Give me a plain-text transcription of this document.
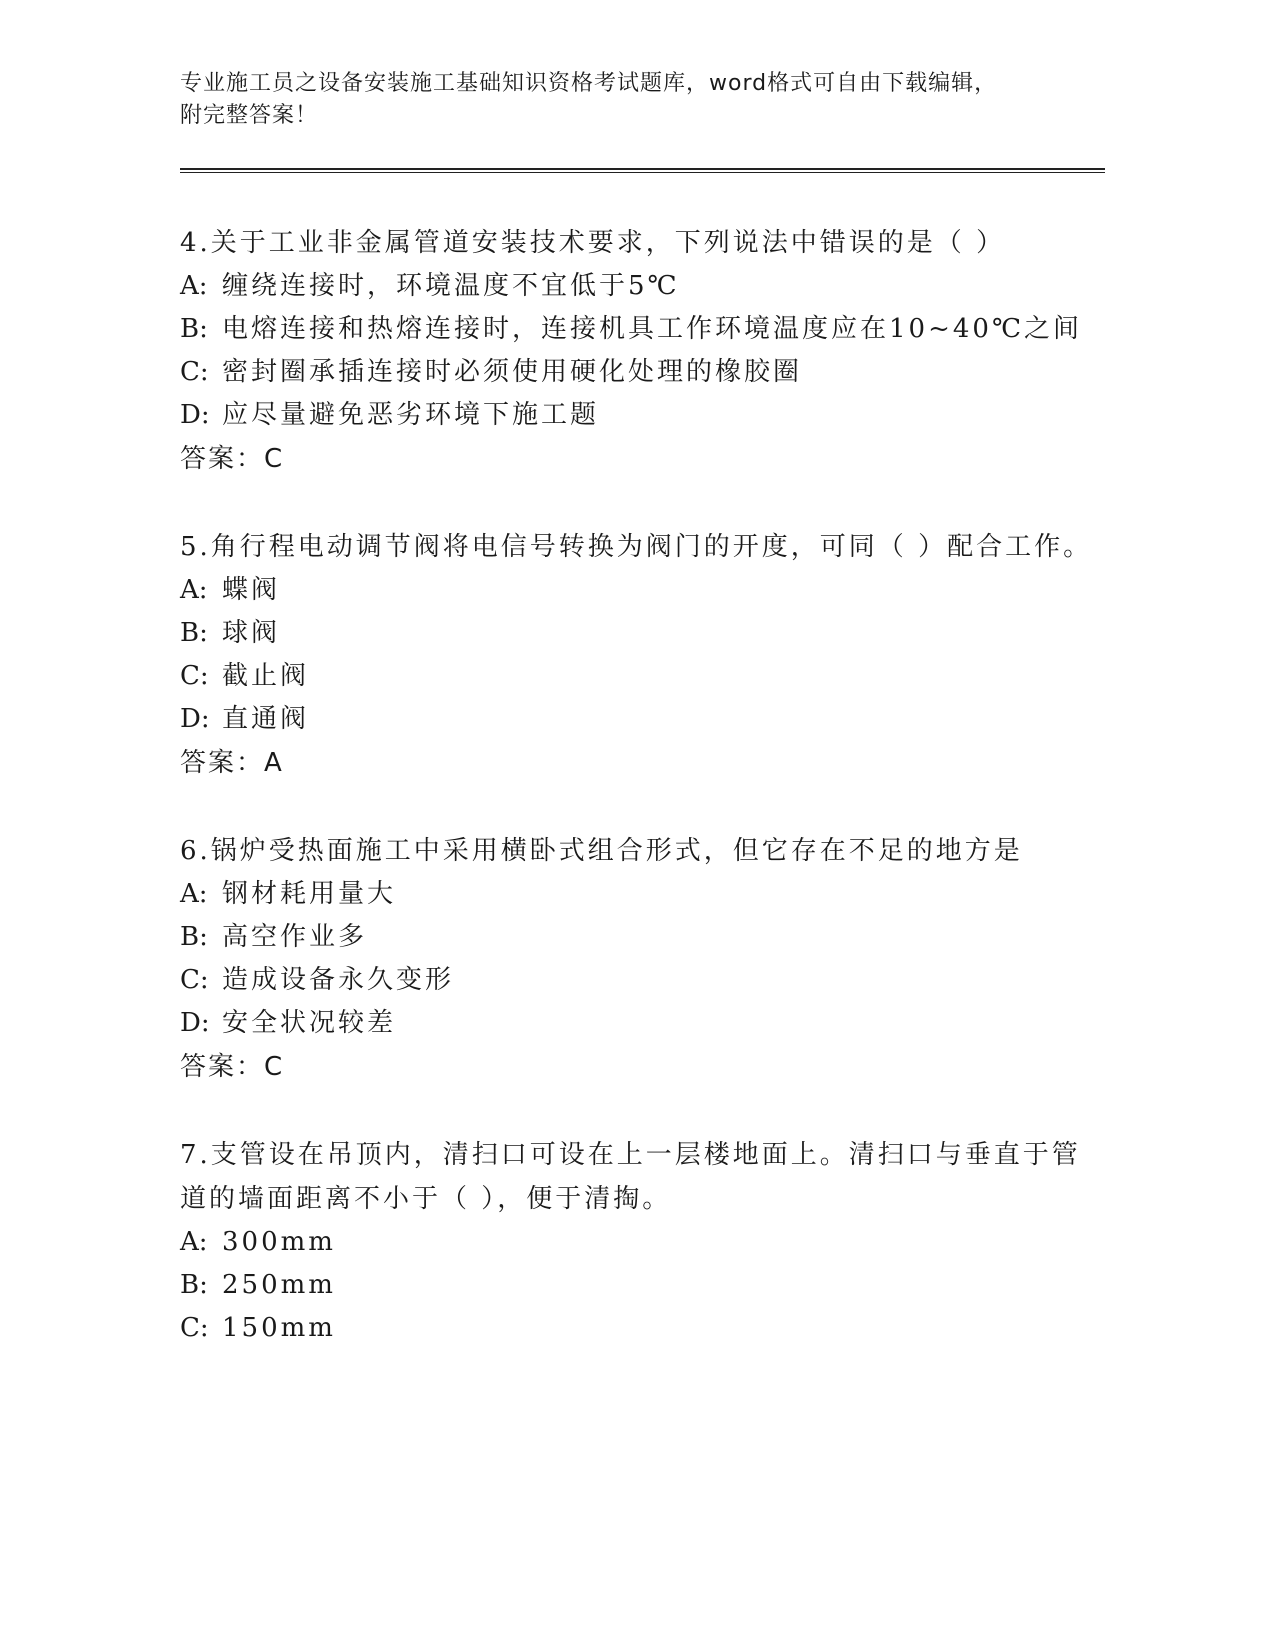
专业施工员之设备安装施工基础知识资格考试题库，word格式可自由下载编辑，

附完整答案！

4.关于工业非金属管道安装技术要求，下列说法中错误的是（ ）

A: 缠绕连接时，环境温度不宜低于5℃

B: 电熔连接和热熔连接时，连接机具工作环境温度应在10~40℃之间

C: 密封圈承插连接时必须使用硬化处理的橡胶圈

D: 应尽量避免恶劣环境下施工题

答案：C

5.角行程电动调节阀将电信号转换为阀门的开度，可同（ ）配合工作。

A: 蝶阀

B: 球阀

C: 截止阀

D: 直通阀

答案：A

6.锅炉受热面施工中采用横卧式组合形式，但它存在不足的地方是

A: 钢材耗用量大

B: 高空作业多

C: 造成设备永久变形

D: 安全状况较差

答案：C

7.支管设在吊顶内，清扫口可设在上一层楼地面上。清扫口与垂直于管道的墙面距离不小于（ ），便于清掏。

A: 300mm

B: 250mm

C: 150mm
